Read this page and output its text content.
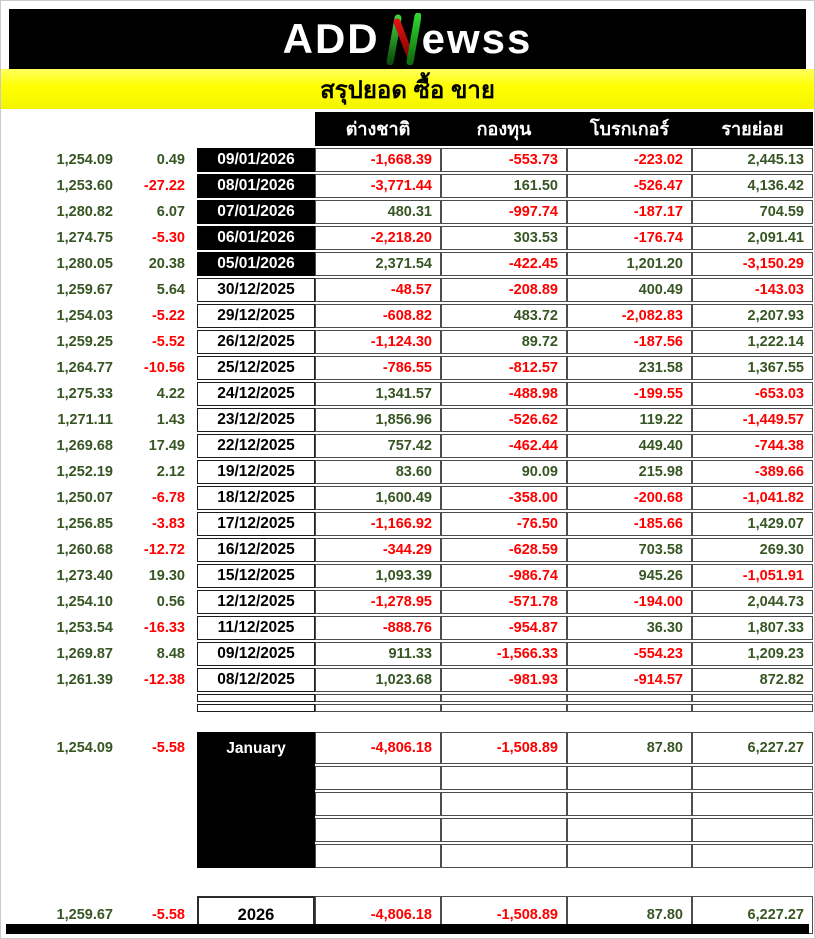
ADD ewss
สรุปยอด ซื้อ ขาย
				ต่างชาติ	กองทุน	โบรกเกอร์	รายย่อย
1,254.09	0.49		09/01/2026	-1,668.39	-553.73	-223.02	2,445.13
1,253.60	-27.22		08/01/2026	-3,771.44	161.50	-526.47	4,136.42
1,280.82	6.07		07/01/2026	480.31	-997.74	-187.17	704.59
1,274.75	-5.30		06/01/2026	-2,218.20	303.53	-176.74	2,091.41
1,280.05	20.38		05/01/2026	2,371.54	-422.45	1,201.20	-3,150.29
1,259.67	5.64		30/12/2025	-48.57	-208.89	400.49	-143.03
1,254.03	-5.22		29/12/2025	-608.82	483.72	-2,082.83	2,207.93
1,259.25	-5.52		26/12/2025	-1,124.30	89.72	-187.56	1,222.14
1,264.77	-10.56		25/12/2025	-786.55	-812.57	231.58	1,367.55
1,275.33	4.22		24/12/2025	1,341.57	-488.98	-199.55	-653.03
1,271.11	1.43		23/12/2025	1,856.96	-526.62	119.22	-1,449.57
1,269.68	17.49		22/12/2025	757.42	-462.44	449.40	-744.38
1,252.19	2.12		19/12/2025	83.60	90.09	215.98	-389.66
1,250.07	-6.78		18/12/2025	1,600.49	-358.00	-200.68	-1,041.82
1,256.85	-3.83		17/12/2025	-1,166.92	-76.50	-185.66	1,429.07
1,260.68	-12.72		16/12/2025	-344.29	-628.59	703.58	269.30
1,273.40	19.30		15/12/2025	1,093.39	-986.74	945.26	-1,051.91
1,254.10	0.56		12/12/2025	-1,278.95	-571.78	-194.00	2,044.73
1,253.54	-16.33		11/12/2025	-888.76	-954.87	36.30	1,807.33
1,269.87	8.48		09/12/2025	911.33	-1,566.33	-554.23	1,209.23
1,261.39	-12.38		08/12/2025	1,023.68	-981.93	-914.57	872.82

1,254.09	-5.58		January	-4,806.18	-1,508.89	87.80	6,227.27

1,259.67	-5.58		2026	-4,806.18	-1,508.89	87.80	6,227.27
